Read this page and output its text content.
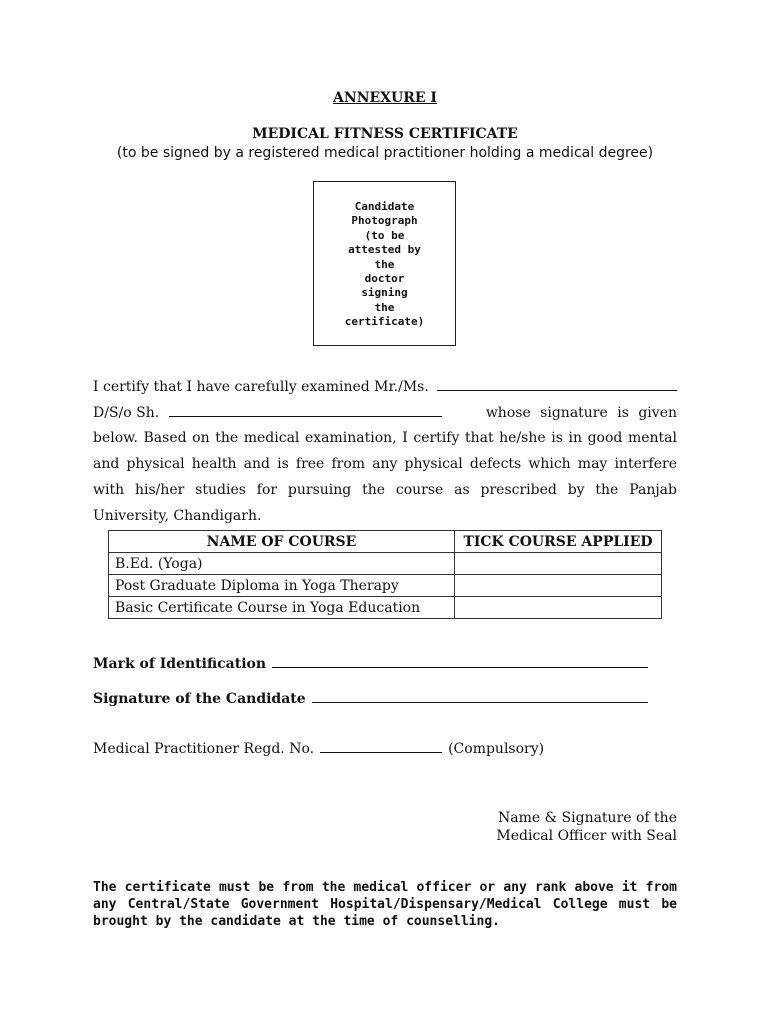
ANNEXURE I
MEDICAL FITNESS CERTIFICATE
(to be signed by a registered medical practitioner holding a medical degree)
Candidate
Photograph
(to be
attested by
the
doctor
signing
the
certificate)
I certify that I have carefully examined Mr./Ms.
D/S/o Sh.	whose signature is given
below. Based on the medical examination, I certify that he/she is in good mental and physical health and is free from any physical defects which may interfere with his/her studies for pursuing the course as prescribed by the Panjab University, Chandigarh.
NAME OF COURSE	TICK COURSE APPLIED
B.Ed. (Yoga)	
Post Graduate Diploma in Yoga Therapy	
Basic Certificate Course in Yoga Education	
Mark of Identification
Signature of the Candidate
Medical Practitioner Regd. No.	(Compulsory)
Name & Signature of the
Medical Officer with Seal
The certificate must be from the medical officer or any rank above it from any Central/State Government Hospital/Dispensary/Medical College must be brought by the candidate at the time of counselling.
